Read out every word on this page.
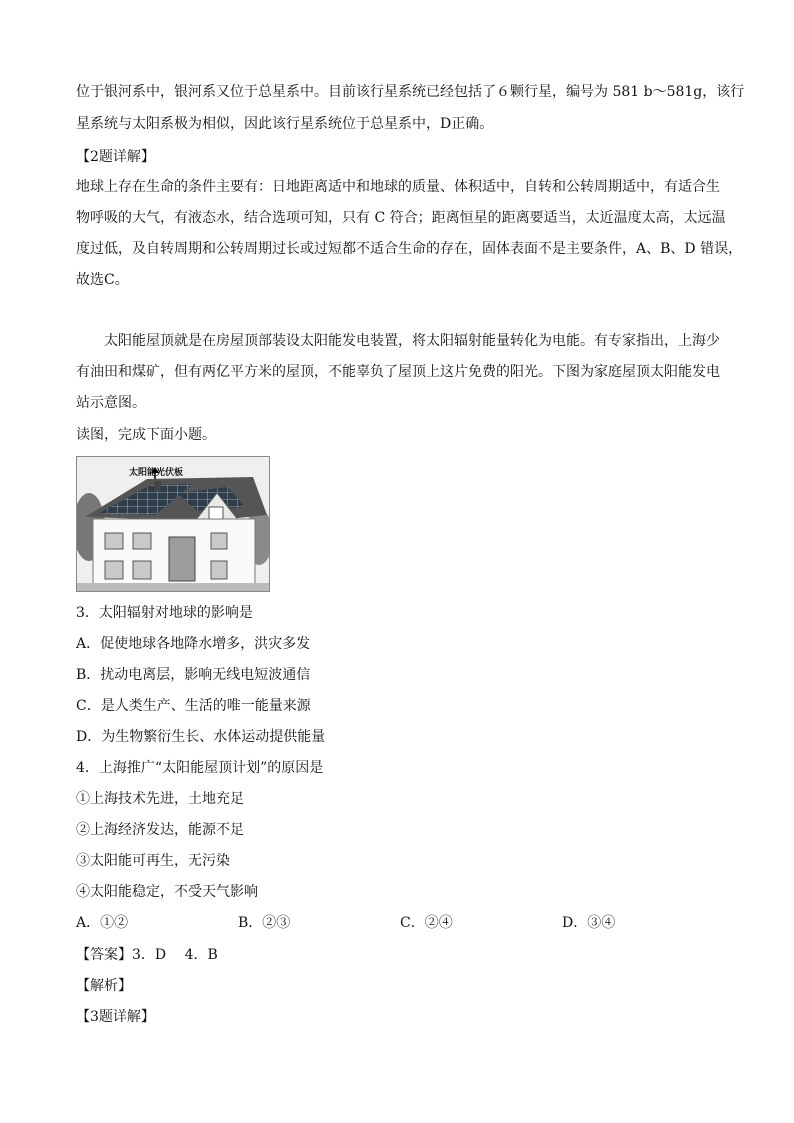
位于银河系中，银河系又位于总星系中。目前该行星系统已经包括了６颗行星，编号为 581 b～581g，该行
星系统与太阳系极为相似，因此该行星系统位于总星系中，D正确。
【2题详解】
地球上存在生命的条件主要有：日地距离适中和地球的质量、体积适中，自转和公转周期适中，有适合生
物呼吸的大气，有液态水，结合选项可知，只有 C 符合；距离恒星的距离要适当，太近温度太高，太远温
度过低，及自转周期和公转周期过长或过短都不适合生命的存在，固体表面不是主要条件，A、B、D 错误，
故选C。
太阳能屋顶就是在房屋顶部装设太阳能发电装置，将太阳辐射能量转化为电能。有专家指出，上海少
有油田和煤矿，但有两亿平方米的屋顶，不能辜负了屋顶上这片免费的阳光。下图为家庭屋顶太阳能发电
站示意图。
读图，完成下面小题。
太阳能光伏板
3．太阳辐射对地球的影响是
A．促使地球各地降水增多，洪灾多发
B．扰动电离层，影响无线电短波通信
C．是人类生产、生活的唯一能量来源
D．为生物繁衍生长、水体运动提供能量
4．上海推广“太阳能屋顶计划”的原因是
①上海技术先进，土地充足
②上海经济发达，能源不足
③太阳能可再生，无污染
④太阳能稳定，不受天气影响
A．①②	B．②③	C．②④	D．③④
【答案】3．D　 4．B
【解析】
【3题详解】
